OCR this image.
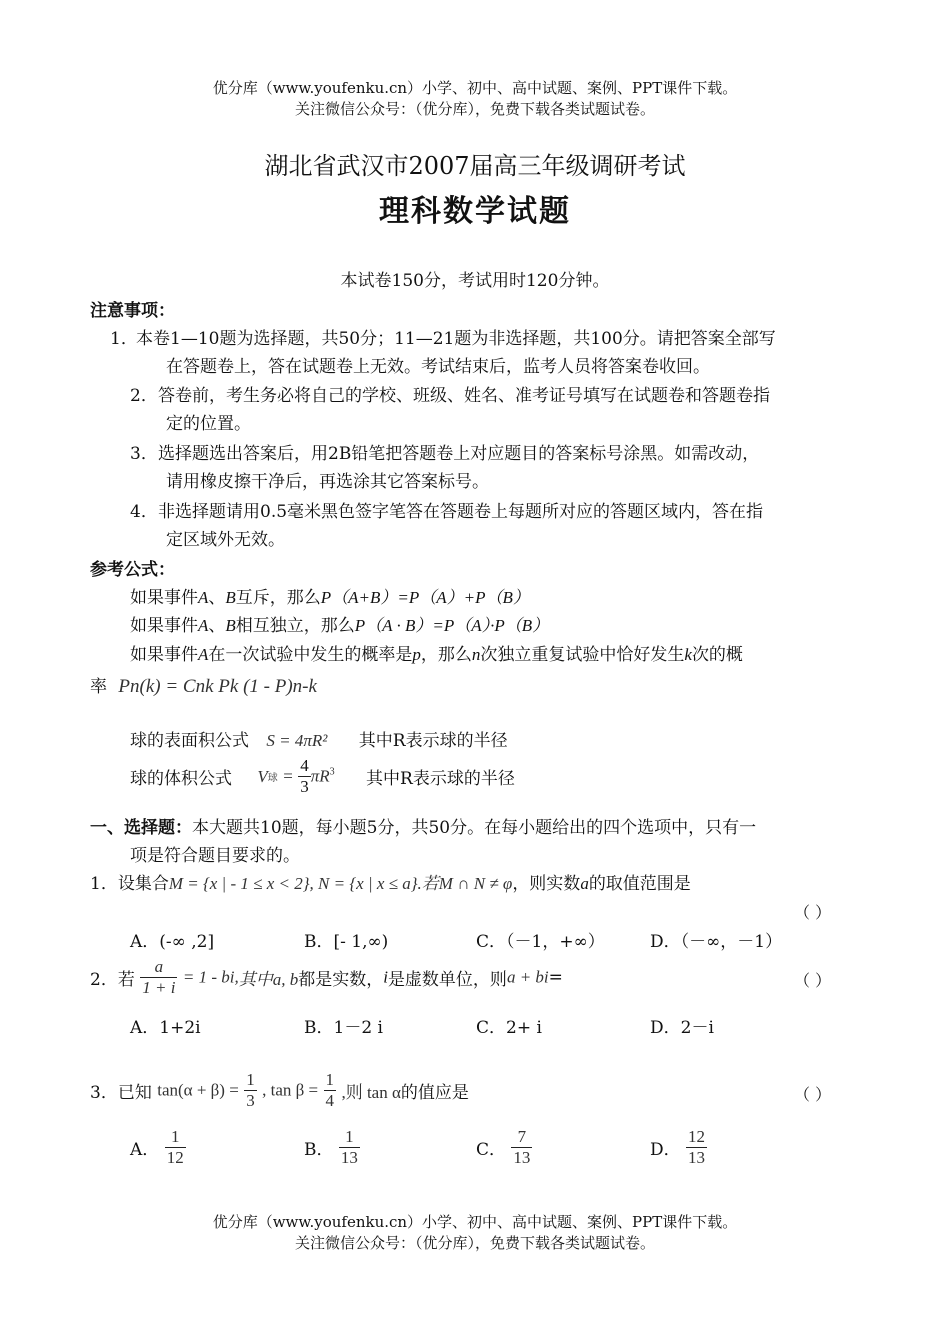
优分库（www.youfenku.cn）小学、初中、高中试题、案例、PPT课件下载。
关注微信公众号：（优分库），免费下载各类试题试卷。
湖北省武汉市2007届高三年级调研考试
理科数学试题
本试卷150分，考试用时120分钟。
注意事项：
1．
本卷1—10题为选择题，共50分；11—21题为非选择题，共100分。请把答案全部写
在答题卷上，答在试题卷上无效。考试结束后，监考人员将答案卷收回。
2． 答卷前，考生务必将自己的学校、班级、姓名、准考证号填写在试题卷和答题卷指
定的位置。
3． 选择题选出答案后，用2B铅笔把答题卷上对应题目的答案标号涂黑。如需改动，
请用橡皮擦干净后，再选涂其它答案标号。
4． 非选择题请用0.5毫米黑色签字笔答在答题卷上每题所对应的答题区域内，答在指
定区域外无效。
参考公式：
如果事件A、B互斥，那么P（A+B）=P（A）+P（B）
如果事件A、B相互独立，那么P（A · B）=P（A）·P（B）
如果事件A在一次试验中发生的概率是p，那么n次独立重复试验中恰好发生k次的概
率 Pn(k) = Cnk Pk (1 - P)n-k
球的表面积公式 S = 4πR² 其中R表示球的半径
球的体积公式 V球 = $\frac{4}{3} \pi R^3$ 其中R表示球的半径
一、选择题：本大题共10题，每小题5分，共50分。在每小题给出的四个选项中，只有一
项是符合题目要求的。
1．设集合M = {x | - 1 ≤ x < 2}, N = {x | x ≤ a}.若M ∩ N ≠ φ，则实数a的取值范围是
（ ）
A．(-∞ ,2]	B．[- 1,∞)	C．（－1，+∞）	D．（－∞，－1）
2．若 $\frac{a}{1 + i} = 1$ - bi,其中a, b都是实数，i是虚数单位，则a + bi=	（ ）
A．1+2i	B．1－2 i	C．2+ i	D．2－i
3．已知 $\tan(\alpha + \beta) = \frac{1}{3}$ , $\tan \beta = \frac{1}{4}$ ,则 tan α的值应是	（ ）
A． $\frac{1}{12}$	B． $\frac{1}{13}$	C． $\frac{7}{13}$	D． $\frac{12}{13}$
优分库（www.youfenku.cn）小学、初中、高中试题、案例、PPT课件下载。
关注微信公众号：（优分库），免费下载各类试题试卷。
